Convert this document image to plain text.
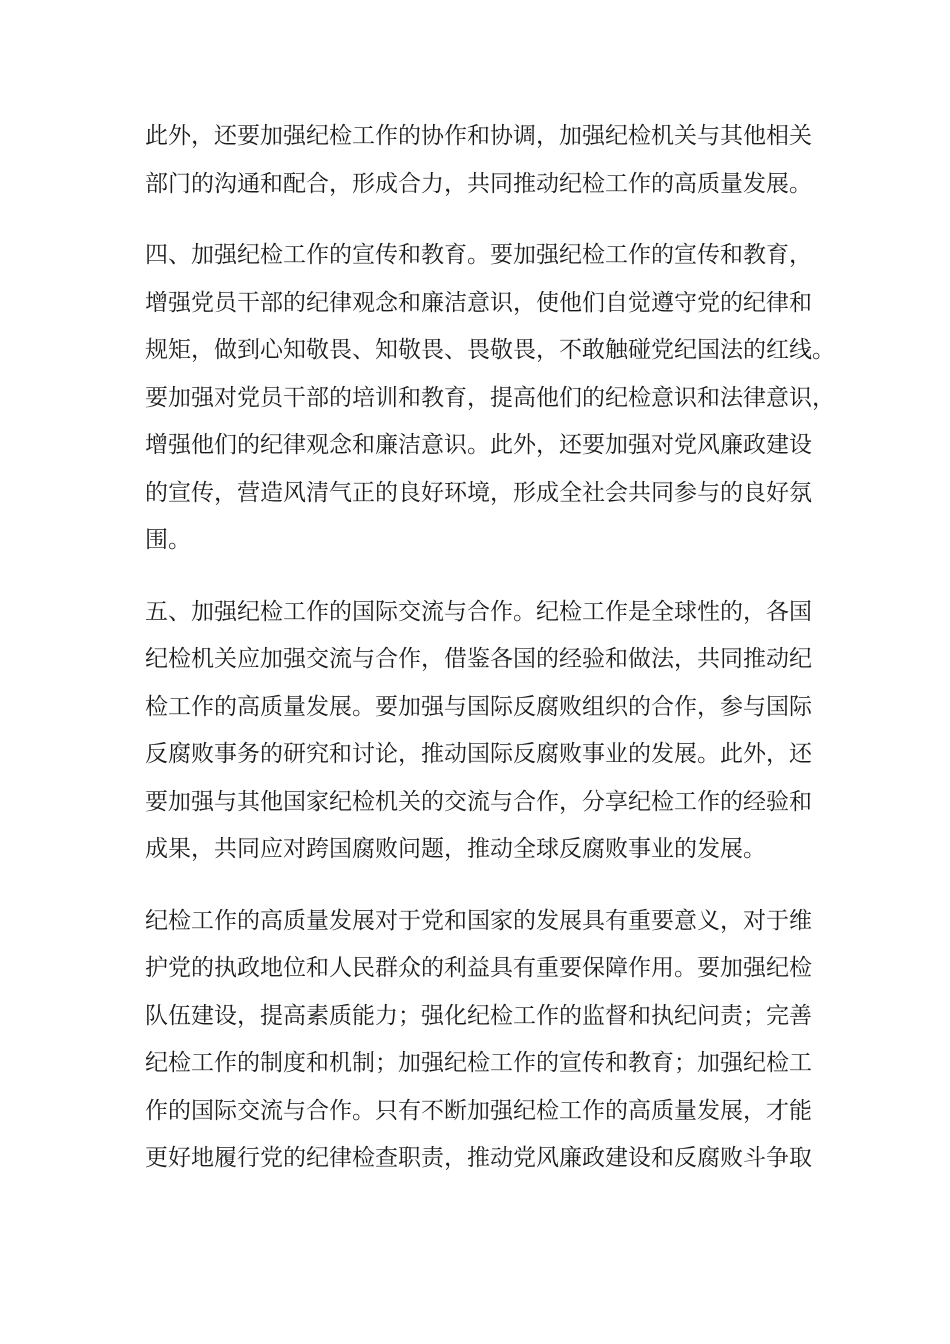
此外，还要加强纪检工作的协作和协调，加强纪检机关与其他相关
部门的沟通和配合，形成合力，共同推动纪检工作的高质量发展。
四、加强纪检工作的宣传和教育。要加强纪检工作的宣传和教育，
增强党员干部的纪律观念和廉洁意识，使他们自觉遵守党的纪律和
规矩，做到心知敬畏、知敬畏、畏敬畏，不敢触碰党纪国法的红线。
要加强对党员干部的培训和教育，提高他们的纪检意识和法律意识，
增强他们的纪律观念和廉洁意识。此外，还要加强对党风廉政建设
的宣传，营造风清气正的良好环境，形成全社会共同参与的良好氛
围。
五、加强纪检工作的国际交流与合作。纪检工作是全球性的，各国
纪检机关应加强交流与合作，借鉴各国的经验和做法，共同推动纪
检工作的高质量发展。要加强与国际反腐败组织的合作，参与国际
反腐败事务的研究和讨论，推动国际反腐败事业的发展。此外，还
要加强与其他国家纪检机关的交流与合作，分享纪检工作的经验和
成果，共同应对跨国腐败问题，推动全球反腐败事业的发展。
纪检工作的高质量发展对于党和国家的发展具有重要意义，对于维
护党的执政地位和人民群众的利益具有重要保障作用。要加强纪检
队伍建设，提高素质能力；强化纪检工作的监督和执纪问责；完善
纪检工作的制度和机制；加强纪检工作的宣传和教育；加强纪检工
作的国际交流与合作。只有不断加强纪检工作的高质量发展，才能
更好地履行党的纪律检查职责，推动党风廉政建设和反腐败斗争取
